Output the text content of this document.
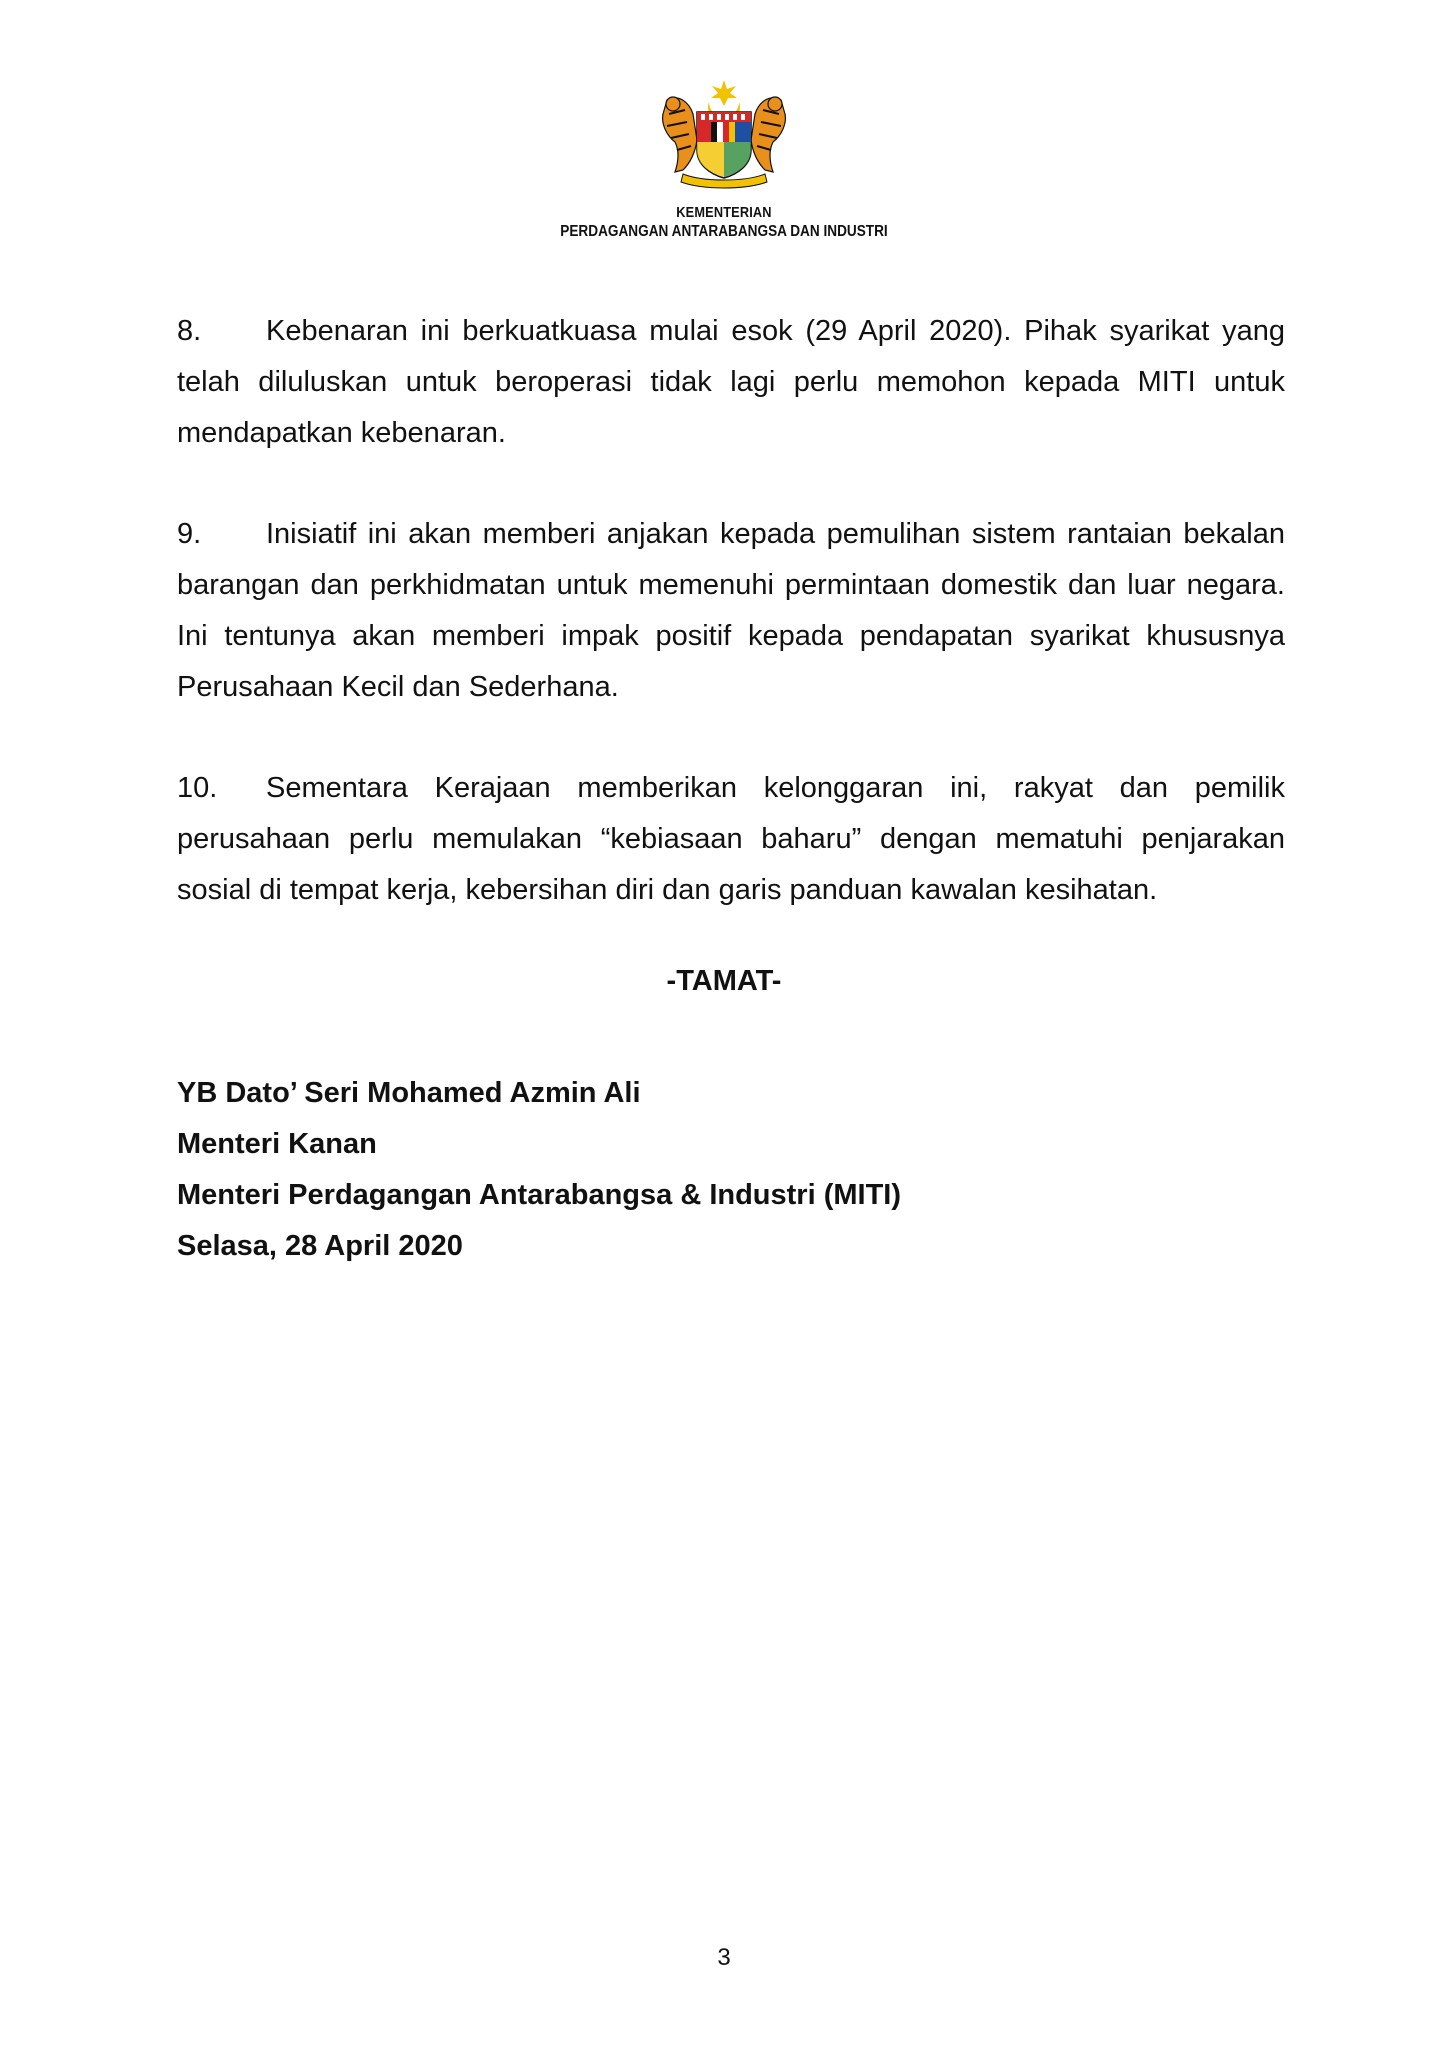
KEMENTERIAN
PERDAGANGAN ANTARABANGSA DAN INDUSTRI

8. Kebenaran ini berkuatkuasa mulai esok (29 April 2020). Pihak syarikat yang telah diluluskan untuk beroperasi tidak lagi perlu memohon kepada MITI untuk mendapatkan kebenaran.

9. Inisiatif ini akan memberi anjakan kepada pemulihan sistem rantaian bekalan barangan dan perkhidmatan untuk memenuhi permintaan domestik dan luar negara. Ini tentunya akan memberi impak positif kepada pendapatan syarikat khususnya Perusahaan Kecil dan Sederhana.

10. Sementara Kerajaan memberikan kelonggaran ini, rakyat dan pemilik perusahaan perlu memulakan “kebiasaan baharu” dengan mematuhi penjarakan sosial di tempat kerja, kebersihan diri dan garis panduan kawalan kesihatan.

-TAMAT-
YB Dato’ Seri Mohamed Azmin Ali
Menteri Kanan
Menteri Perdagangan Antarabangsa & Industri (MITI)
Selasa, 28 April 2020
3
